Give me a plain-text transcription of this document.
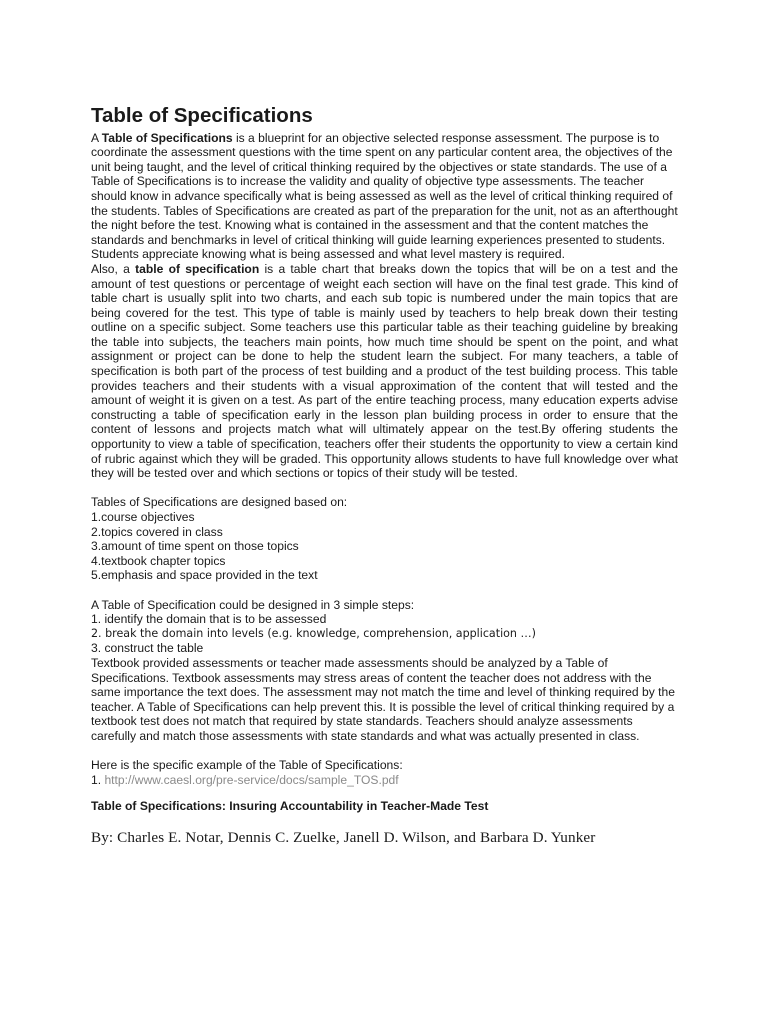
Table of Specifications

A Table of Specifications is a blueprint for an objective selected response assessment. The purpose is to coordinate the assessment questions with the time spent on any particular content area, the objectives of the unit being taught, and the level of critical thinking required by the objectives or state standards. The use of a Table of Specifications is to increase the validity and quality of objective type assessments. The teacher should know in advance specifically what is being assessed as well as the level of critical thinking required of the students. Tables of Specifications are created as part of the preparation for the unit, not as an afterthought the night before the test. Knowing what is contained in the assessment and that the content matches the standards and benchmarks in level of critical thinking will guide learning experiences presented to students. Students appreciate knowing what is being assessed and what level mastery is required.

Also, a table of specification is a table chart that breaks down the topics that will be on a test and the amount of test questions or percentage of weight each section will have on the final test grade. This kind of table chart is usually split into two charts, and each sub topic is numbered under the main topics that are being covered for the test. This type of table is mainly used by teachers to help break down their testing outline on a specific subject. Some teachers use this particular table as their teaching guideline by breaking the table into subjects, the teachers main points, how much time should be spent on the point, and what assignment or project can be done to help the student learn the subject. For many teachers, a table of specification is both part of the process of test building and a product of the test building process. This table provides teachers and their students with a visual approximation of the content that will tested and the amount of weight it is given on a test. As part of the entire teaching process, many education experts advise constructing a table of specification early in the lesson plan building process in order to ensure that the content of lessons and projects match what will ultimately appear on the test.By offering students the opportunity to view a table of specification, teachers offer their students the opportunity to view a certain kind of rubric against which they will be graded. This opportunity allows students to have full knowledge over what they will be tested over and which sections or topics of their study will be tested.

Tables of Specifications are designed based on:

1.course objectives
2.topics covered in class
3.amount of time spent on those topics
4.textbook chapter topics
5.emphasis and space provided in the text

A Table of Specification could be designed in 3 simple steps:

1. identify the domain that is to be assessed
2. break the domain into levels (e.g. knowledge, comprehension, application …)
3. construct the table

Textbook provided assessments or teacher made assessments should be analyzed by a Table of Specifications. Textbook assessments may stress areas of content the teacher does not address with the same importance the text does. The assessment may not match the time and level of thinking required by the teacher. A Table of Specifications can help prevent this. It is possible the level of critical thinking required by a textbook test does not match that required by state standards. Teachers should analyze assessments carefully and match those assessments with state standards and what was actually presented in class.

Here is the specific example of the Table of Specifications:

1. http://www.caesl.org/pre-service/docs/sample_TOS.pdf
Table of Specifications: Insuring Accountability in Teacher-Made Test
By: Charles E. Notar, Dennis C. Zuelke, Janell D. Wilson, and Barbara D. Yunker
